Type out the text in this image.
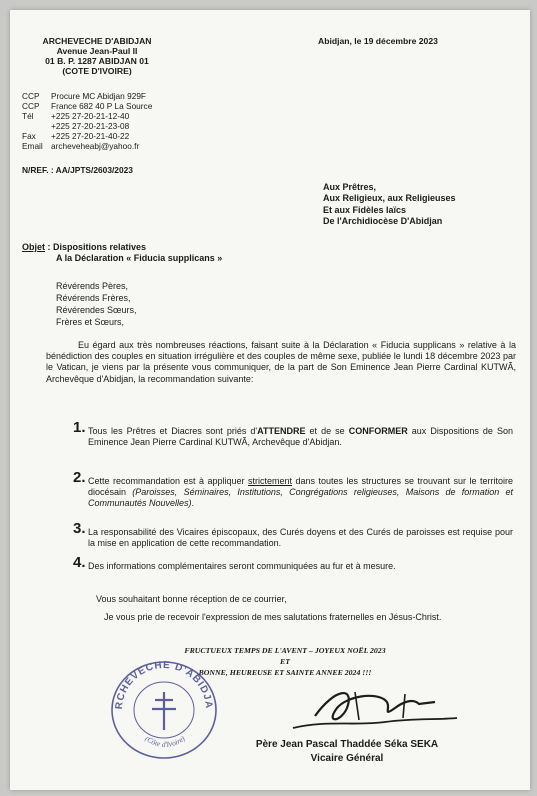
ARCHEVECHE D'ABIDJAN
Avenue Jean-Paul II
01 B. P. 1287 ABIDJAN 01
(COTE D'IVOIRE)
Abidjan, le 19 décembre 2023
CCP	Procure MC Abidjan 929F
CCP	France 682 40 P La Source
Tél	+225 27-20-21-12-40
+225 27-20-21-23-08
Fax	+225 27-20-21-40-22
Email archeveheabj@yahoo.fr
N/REF. : AA/JPTS/2603/2023
Aux Prêtres,
Aux Religieux, aux Religieuses
Et aux Fidèles laïcs
De l'Archidiocèse D'Abidjan
Objet : Dispositions relatives
A la Déclaration « Fiducia supplicans »
Révérends Pères,
Révérends Frères,
Révérendes Sœurs,
Frères et Sœurs,
Eu égard aux très nombreuses réactions, faisant suite à la Déclaration « Fiducia supplicans » relative à la bénédiction des couples en situation irrégulière et des couples de même sexe, publiée le lundi 18 décembre 2023 par le Vatican, je viens par la présente vous communiquer, de la part de Son Eminence Jean Pierre Cardinal KUTWÃ, Archevêque d'Abidjan, la recommandation suivante:
1. Tous les Prêtres et Diacres sont priés d'ATTENDRE et de se CONFORMER aux Dispositions de Son Eminence Jean Pierre Cardinal KUTWÃ, Archevêque d'Abidjan.
2. Cette recommandation est à appliquer strictement dans toutes les structures se trouvant sur le territoire diocésain (Paroisses, Séminaires, Institutions, Congrégations religieuses, Maisons de formation et Communautés Nouvelles).
3. La responsabilité des Vicaires épiscopaux, des Curés doyens et des Curés de paroisses est requise pour la mise en application de cette recommandation.
4. Des informations complémentaires seront communiquées au fur et à mesure.
Vous souhaitant bonne réception de ce courrier,
Je vous prie de recevoir l'expression de mes salutations fraternelles en Jésus-Christ.
FRUCTUEUX TEMPS DE L'AVENT – JOYEUX NOËL 2023
ET
BONNE, HEUREUSE ET SAINTE ANNEE 2024 !!!
RCHEVECHE D'ABIDJA
(Côte d'Ivoire)
Père Jean Pascal Thaddée Séka SEKA
Vicaire Général
